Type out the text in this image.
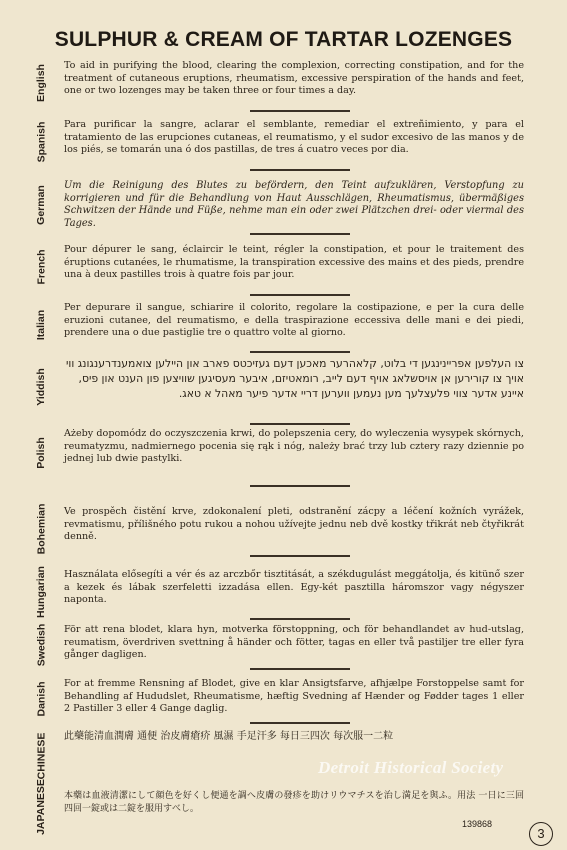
SULPHUR & CREAM OF TARTAR LOZENGES
English To aid in purifying the blood, clearing the complexion, correcting constipation, and for the treatment of cutaneous eruptions, rheumatism, excessive perspiration of the hands and feet, one or two lozenges may be taken three or four times a day.

Spanish Para purificar la sangre, aclarar el semblante, remediar el extreñimiento, y para el tratamiento de las erupciones cutaneas, el reumatismo, y el sudor excesivo de las manos y de los piés, se tomarán una ó dos pastillas, de tres á cuatro veces por dia.

German Um die Reinigung des Blutes zu befördern, den Teint aufzuklären, Verstopfung zu korrigieren und für die Behandlung von Haut Ausschlägen, Rheumatismus, übermäßiges Schwitzen der Hände und Füße, nehme man ein oder zwei Plätzchen drei- oder viermal des Tages.

French Pour dépurer le sang, éclaircir le teint, régler la constipation, et pour le traitement des éruptions cutanées, le rhumatisme, la transpiration excessive des mains et des pieds, prendre una à deux pastilles trois à quatre fois par jour.

Italian

Per depurare il sangue, schiarire il colorito, regolare la costipazione, e per la cura delle eruzioni cutanee, del reumatismo, e della traspirazione eccessiva delle mani e dei piedi, prendere una o due pastiglie tre o quattro volte al giorno.

Yiddish

צו העלפען אפריינינגען די בלוט, קלאהרער מאכען דעם געזיכטס פארב און היילען צואמענדרענגונג ווי אויך צו קורירען אן אויסשלאג אויף דעם לייב, רומאטיזם, איבער מעסיגען שוויצען פון הענט און פיס, איינע אדער צווי פלעצלעך מען נעמען ווערען דריי אדער פיער מאהל א טאג.

Polish

Ażeby dopomódz do oczyszczenia krwi, do polepszenia cery, do wyleczenia wysypek skórnych, reumatyzmu, nadmiernego pocenia się rąk i nóg, należy brać trzy lub cztery razy dziennie po jednej lub dwie pastylki.

Bohemian Ve prospěch čistění krve, zdokonalení pleti, odstranění zácpy a léčení kožních vyrážek, revmatismu, přílišného potu rukou a nohou užívejte jednu neb dvě kostky třikrát neb čtyřikrát denně.

Hungarian Használata elősegíti a vér és az arczbőr tisztitását, a székdugulást meggátolja, és kitünő szer a kezek és lábak szerfeletti izzadása ellen. Egy-két pasztilla háromszor vagy négyszer naponta.

Swedish För att rena blodet, klara hyn, motverka förstoppning, och för behandlandet av hud-utslag, reumatism, överdriven svettning å händer och fötter, tagas en eller två pastiljer tre eller fyra gånger dagligen.

Danish For at fremme Rensning af Blodet, give en klar Ansigtsfarve, afhjælpe Forstoppelse samt for Behandling af Hududslet, Rheumatisme, hæftig Svedning af Hænder og Fødder tages 1 eller 2 Pastiller 3 eller 4 Gange daglig.

CHINESE 此藥能清血潤膚 通便 治皮膚瘡疥 風濕 手足汗多 每日三四次 每次服一二粒

JAPANESE 本藥は血液清潔にして顔色を好くし便通を調へ皮膚の發疹を助けリウマチスを治し満足を與ふ。用法 一日に三回四回一錠或は二錠を服用すべし。

Detroit Historical Society
139868
3
